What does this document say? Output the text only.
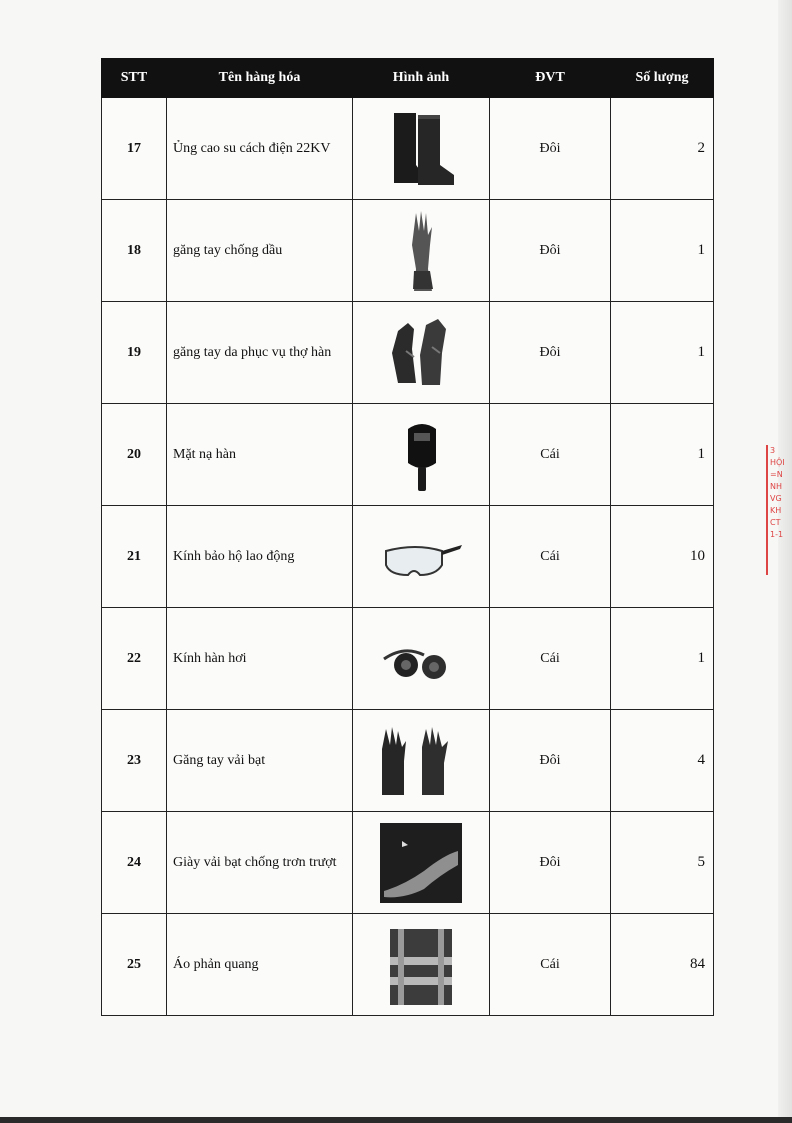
STT	Tên hàng hóa	Hình ảnh	ĐVT	Số lượng
17	Ủng cao su cách điện 22KV		Đôi	2
18	găng tay chống dầu		Đôi	1
19	găng tay da phục vụ thợ hàn		Đôi	1
20	Mặt nạ hàn		Cái	1
21	Kính bảo hộ lao động		Cái	10
22	Kính hàn hơi		Cái	1
23	Găng tay vải bạt		Đôi	4
24	Giày vải bạt chống trơn trượt		Đôi	5
25	Áo phản quang		Cái	84
3
HỘI
=N
NH
VG
KH
CT
1-1
